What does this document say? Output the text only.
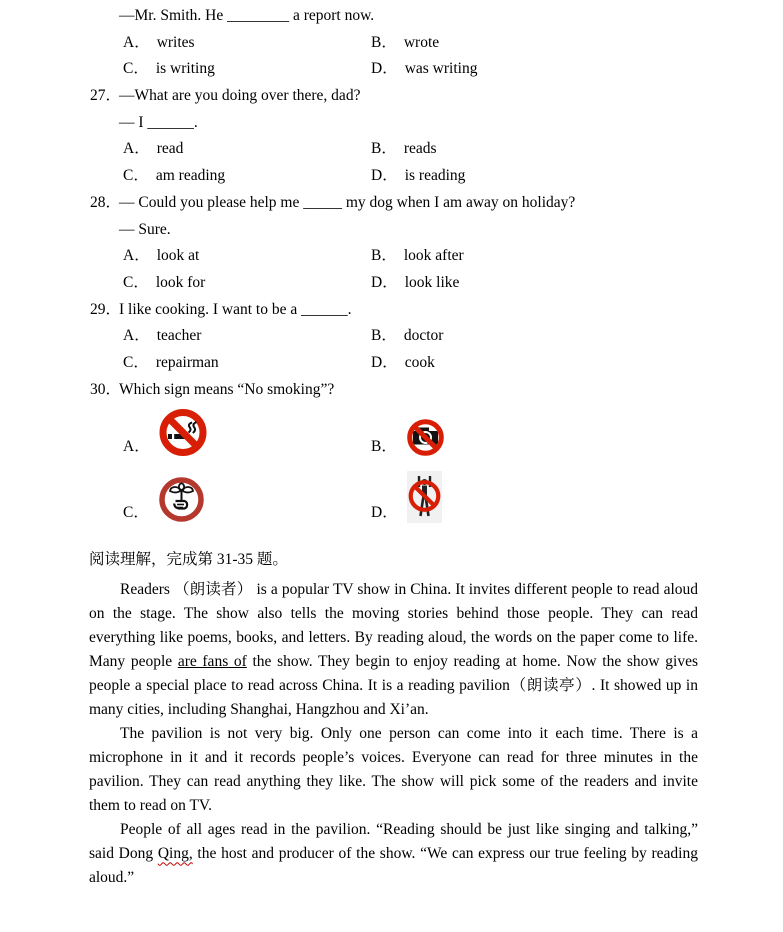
—Mr. Smith. He ________ a report now.
A． writes	B． wrote
C． is writing	D． was writing
27．
—What are you doing over there, dad?
— I ______.
A． read	B． reads
C． am reading	D． is reading
28．
— Could you please help me _____ my dog when I am away on holiday?
— Sure.
A． look at	B． look after
C． look for	D． look like
29．
I like cooking. I want to be a ______.
A． teacher	B． doctor
C． repairman	D． cook
30．
Which sign means “No smoking”?
A．	B．
C．	D．
阅读理解，完成第 31-35 题。

Readers （朗读者） is a popular TV show in China. It invites different people to read aloud on the stage. The show also tells the moving stories behind those people. They can read everything like poems, books, and letters. By reading aloud, the words on the paper come to life. Many people are fans of the show. They begin to enjoy reading at home. Now the show gives people a special place to read across China. It is a reading pavilion（朗读亭）. It showed up in many cities, including Shanghai, Hangzhou and Xi’an.

The pavilion is not very big. Only one person can come into it each time. There is a microphone in it and it records people’s voices. Everyone can read for three minutes in the pavilion. They can read anything they like. The show will pick some of the readers and invite them to read on TV.

People of all ages read in the pavilion. “Reading should be just like singing and talking,” said Dong Qing, the host and producer of the show. “We can express our true feeling by reading aloud.”
